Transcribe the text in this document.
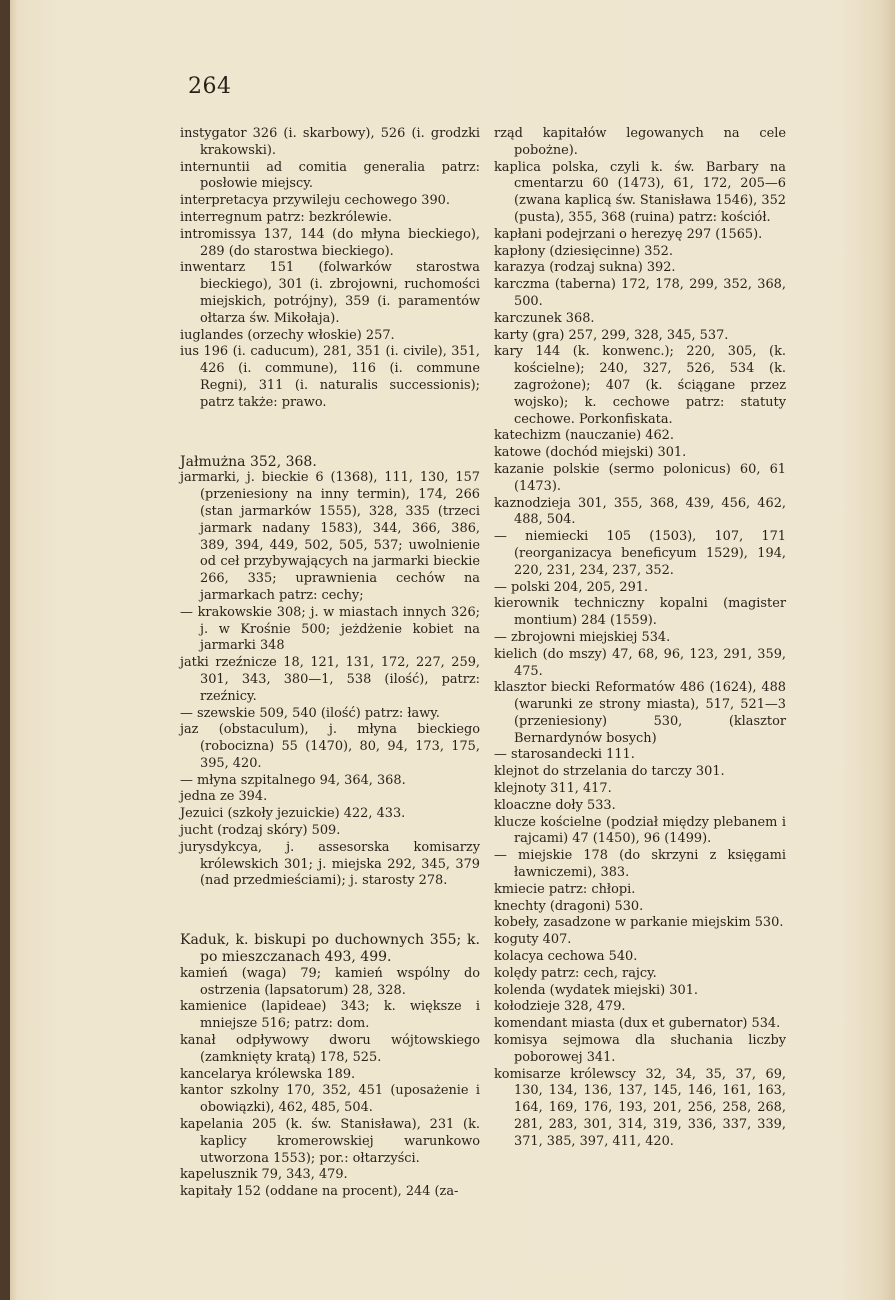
264
instygator 326 (i. skarbowy), 526 (i. grodzki krakowski).
internuntii ad comitia generalia patrz: posłowie miejscy.
interpretacya przywileju cechowego 390.
interregnum patrz: bezkrólewie.
intromissya 137, 144 (do młyna bieckiego), 289 (do starostwa bieckiego).
inwentarz 151 (folwarków starostwa bieckiego), 301 (i. zbrojowni, ruchomości miejskich, potrójny), 359 (i. paramentów ołtarza św. Mikołaja).
iuglandes (orzechy włoskie) 257.
ius 196 (i. caducum), 281, 351 (i. civile), 351, 426 (i. commune), 116 (i. commune Regni), 311 (i. naturalis successionis); patrz także: prawo.
Jałmużna 352, 368.
jarmarki, j. bieckie 6 (1368), 111, 130, 157 (przeniesiony na inny termin), 174, 266 (stan jarmarków 1555), 328, 335 (trzeci jarmark nadany 1583), 344, 366, 386, 389, 394, 449, 502, 505, 537; uwolnienie od ceł przybywających na jarmarki bieckie 266, 335; uprawnienia cechów na jarmarkach patrz: cechy;
— krakowskie 308; j. w miastach innych 326; j. w Krośnie 500; jeżdżenie kobiet na jarmarki 348
jatki rzeźnicze 18, 121, 131, 172, 227, 259, 301, 343, 380—1, 538 (ilość), patrz: rzeźnicy.
— szewskie 509, 540 (ilość) patrz: ławy.
jaz (obstaculum), j. młyna bieckiego (robocizna) 55 (1470), 80, 94, 173, 175, 395, 420.
— młyna szpitalnego 94, 364, 368.
jedna ze 394.
Jezuici (szkoły jezuickie) 422, 433.
jucht (rodzaj skóry) 509.
jurysdykcya, j. assesorska komisarzy królewskich 301; j. miejska 292, 345, 379 (nad przedmieściami); j. starosty 278.
Kaduk, k. biskupi po duchownych 355; k. po mieszczanach 493, 499.
kamień (waga) 79; kamień wspólny do ostrzenia (lapsatorum) 28, 328.
kamienice (lapideae) 343; k. większe i mniejsze 516; patrz: dom.
kanał odpływowy dworu wójtowskiego (zamknięty kratą) 178, 525.
kancelarya królewska 189.
kantor szkolny 170, 352, 451 (uposażenie i obowiązki), 462, 485, 504.
kapelania 205 (k. św. Stanisława), 231 (k. kaplicy kromerowskiej warunkowo utworzona 1553); por.: ołtarzyści.
kapelusznik 79, 343, 479.
kapitały 152 (oddane na procent), 244 (za-
rząd kapitałów legowanych na cele pobożne).
kaplica polska, czyli k. św. Barbary na cmentarzu 60 (1473), 61, 172, 205—6 (zwana kaplicą św. Stanisława 1546), 352 (pusta), 355, 368 (ruina) patrz: kościół.
kapłani podejrzani o herezyę 297 (1565).
kapłony (dziesięcinne) 352.
karazya (rodzaj sukna) 392.
karczma (taberna) 172, 178, 299, 352, 368, 500.
karczunek 368.
karty (gra) 257, 299, 328, 345, 537.
kary 144 (k. konwenc.); 220, 305, (k. kościelne); 240, 327, 526, 534 (k. zagrożone); 407 (k. ściągane przez wojsko); k. cechowe patrz: statuty cechowe. Porkonfiskata.
katechizm (nauczanie) 462.
katowe (dochód miejski) 301.
kazanie polskie (sermo polonicus) 60, 61 (1473).
kaznodzieja 301, 355, 368, 439, 456, 462, 488, 504.
— niemiecki 105 (1503), 107, 171 (reorganizacya beneficyum 1529), 194, 220, 231, 234, 237, 352.
— polski 204, 205, 291.
kierownik techniczny kopalni (magister montium) 284 (1559).
— zbrojowni miejskiej 534.
kielich (do mszy) 47, 68, 96, 123, 291, 359, 475.
klasztor biecki Reformatów 486 (1624), 488 (warunki ze strony miasta), 517, 521—3 (przeniesiony) 530, (klasztor Bernardynów bosych)
— starosandecki 111.
klejnot do strzelania do tarczy 301.
klejnoty 311, 417.
kloaczne doły 533.
klucze kościelne (podział między plebanem i rajcami) 47 (1450), 96 (1499).
— miejskie 178 (do skrzyni z księgami ławniczemi), 383.
kmiecie patrz: chłopi.
knechty (dragoni) 530.
kobeły, zasadzone w parkanie miejskim 530.
koguty 407.
kolacya cechowa 540.
kolędy patrz: cech, rajcy.
kolenda (wydatek miejski) 301.
kołodzieje 328, 479.
komendant miasta (dux et gubernator) 534.
komisya sejmowa dla słuchania liczby poborowej 341.
komisarze królewscy 32, 34, 35, 37, 69, 130, 134, 136, 137, 145, 146, 161, 163, 164, 169, 176, 193, 201, 256, 258, 268, 281, 283, 301, 314, 319, 336, 337, 339, 371, 385, 397, 411, 420.
